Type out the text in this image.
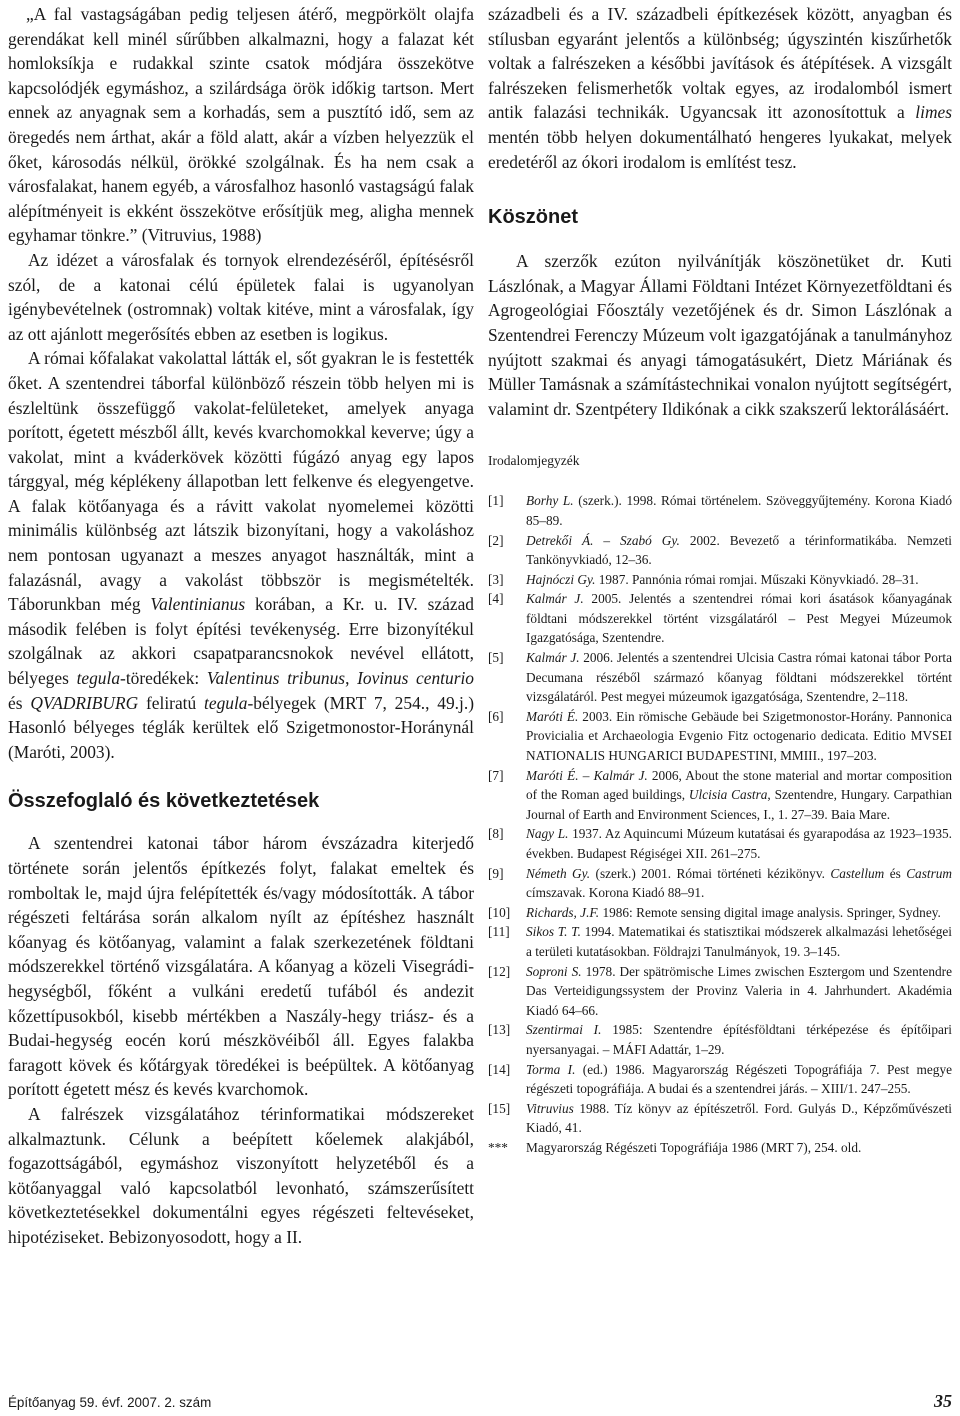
„A fal vastagságában pedig teljesen átérő, megpörkölt olajfa gerendákat kell minél sűrűbben alkalmazni, hogy a falazat két homloksíkja e rudakkal szinte csatok módjára összekötve kapcsolódjék egymáshoz, a szilárdsága örök időkig tartson. Mert ennek az anyagnak sem a korhadás, sem a pusztító idő, sem az öregedés nem árthat, akár a föld alatt, akár a vízben helyezzük el őket, károsodás nélkül, örökké szolgálnak. És ha nem csak a városfalakat, hanem egyéb, a városfalhoz hasonló vastagságú falak alépítményeit is ekként összekötve erősítjük meg, aligha mennek egyhamar tönkre.” (Vitruvius, 1988)

Az idézet a városfalak és tornyok elrendezéséről, építésésről szól, de a katonai célú épületek falai is ugyanolyan igénybevételnek (ostromnak) voltak kitéve, mint a városfalak, így az ott ajánlott megerősítés ebben az esetben is logikus.

A római kőfalakat vakolattal látták el, sőt gyakran le is festették őket. A szentendrei táborfal különböző részein több helyen mi is észleltünk összefüggő vakolat-felületeket, amelyek anyaga porított, égetett mészből állt, kevés kvarchomokkal keverve; úgy a vakolat, mint a kváderkövek közötti fúgázó anyag egy lapos tárggyal, még képlékeny állapotban lett felkenve és elegyengetve. A falak kötőanyaga és a rávitt vakolat nyomelemei közötti minimális különbség azt látszik bizonyítani, hogy a vakoláshoz nem pontosan ugyanazt a meszes anyagot használták, mint a falazásnál, avagy a vakolást többször is megismételték. Táborunkban még Valentinianus korában, a Kr. u. IV. század második felében is folyt építési tevékenység. Erre bizonyítékul szolgálnak az akkori csapatparancsnokok nevével ellátott, bélyeges tegula-töredékek: Valentinus tribunus, Iovinus centurio és QVADRIBURG feliratú tegula-bélyegek (MRT 7, 254., 49.j.) Hasonló bélyeges téglák kerültek elő Szigetmonostor-Horánynál (Maróti, 2003).

Összefoglaló és következtetések

A szentendrei katonai tábor három évszázadra kiterjedő története során jelentős építkezés folyt, falakat emeltek és romboltak le, majd újra felépítették és/vagy módosították. A tábor régészeti feltárása során alkalom nyílt az építéshez használt kőanyag és kötőanyag, valamint a falak szerkezetének földtani módszerekkel történő vizsgálatára. A kőanyag a közeli Visegrádi-hegységből, főként a vulkáni eredetű tufából és andezit kőzettípusokból, kisebb mértékben a Naszály-hegy triász- és a Budai-hegység eocén korú mészkövéiből áll. Egyes falakba faragott kövek és kőtárgyak töredékei is beépültek. A kötőanyag porított égetett mész és kevés kvarchomok.

A falrészek vizsgálatához térinformatikai módszereket alkalmaztunk. Célunk a beépített kőelemek alakjából, fogazottságából, egymáshoz viszonyított helyzetéből és a kötőanyaggal való kapcsolatból levonható, számszerűsített következtetésekkel dokumentálni egyes régészeti feltevéseket, hipotéziseket. Bebizonyosodott, hogy a II.

századbeli és a IV. századbeli építkezések között, anyagban és stílusban egyaránt jelentős a különbség; úgyszintén kiszűrhetők voltak a falrészeken a későbbi javítások és átépítések. A vizsgált falrészeken felismerhetők voltak egyes, az irodalomból ismert antik falazási technikák. Ugyancsak itt azonosítottuk a limes mentén több helyen dokumentálható hengeres lyukakat, melyek eredetéről az ókori irodalom is említést tesz.

Köszönet

A szerzők ezúton nyilvánítják köszönetüket dr. Kuti Lászlónak, a Magyar Állami Földtani Intézet Környezetföldtani és Agrogeológiai Főosztály vezetőjének és dr. Simon Lászlónak a Szentendrei Ferenczy Múzeum volt igazgatójának a tanulmányhoz nyújtott szakmai és anyagi támogatásukért, Dietz Máriának és Müller Tamásnak a számítástechnikai vonalon nyújtott segítségért, valamint dr. Szentpétery Ildikónak a cikk szakszerű lektorálásáért.

Irodalomjegyzék

[1]	Borhy L. (szerk.). 1998. Római történelem. Szöveggyűjtemény. Korona Kiadó 85–89.
[2]	Detrekői Á. – Szabó Gy. 2002. Bevezető a térinformatikába. Nemzeti Tankönyvkiadó, 12–36.
[3]	Hajnóczi Gy. 1987. Pannónia római romjai. Műszaki Könyvkiadó. 28–31.
[4]	Kalmár J. 2005. Jelentés a szentendrei római kori ásatások kőanyagának földtani módszerekkel történt vizsgálatáról – Pest Megyei Múzeumok Igazgatósága, Szentendre.
[5]	Kalmár J. 2006. Jelentés a szentendrei Ulcisia Castra római katonai tábor Porta Decumana részéből származó kőanyag földtani módszerekkel történt vizsgálatáról. Pest megyei múzeumok igazgatósága, Szentendre, 2–118.
[6]	Maróti É. 2003. Ein römische Gebäude bei Szigetmonostor-Horány. Pannonica Provicialia et Archaeologia Evgenio Fitz octogenario dedicata. Editio MVSEI NATIONALIS HUNGARICI BUDAPESTINI, MMIII., 197–203.
[7]	Maróti É. – Kalmár J. 2006, About the stone material and mortar composition of the Roman aged buildings, Ulcisia Castra, Szentendre, Hungary. Carpathian Journal of Earth and Environment Sciences, I., 1. 27–39. Baia Mare.
[8]	Nagy L. 1937. Az Aquincumi Múzeum kutatásai és gyarapodása az 1923–1935. években. Budapest Régiségei XII. 261–275.
[9]	Németh Gy. (szerk.) 2001. Római történeti kézikönyv. Castellum és Castrum címszavak. Korona Kiadó 88–91.
[10]	Richards, J.F. 1986: Remote sensing digital image analysis. Springer, Sydney.
[11]	Sikos T. T. 1994. Matematikai és statisztikai módszerek alkalmazási lehetőségei a területi kutatásokban. Földrajzi Tanulmányok, 19. 3–145.
[12]	Soproni S. 1978. Der spätrömische Limes zwischen Esztergom und Szentendre Das Verteidigungssystem der Provinz Valeria in 4. Jahrhundert. Akadémia Kiadó 64–66.
[13]	Szentirmai I. 1985: Szentendre építésföldtani térképezése és építőipari nyersanyagai. – MÁFI Adattár, 1–29.
[14]	Torma I. (ed.) 1986. Magyarország Régészeti Topográfiája 7. Pest megye régészeti topográfiája. A budai és a szentendrei járás. – XIII/1. 247–255.
[15]	Vitruvius 1988. Tíz könyv az építészetről. Ford. Gulyás D., Képzőművészeti Kiadó, 41.
***	Magyarország Régészeti Topográfiája 1986 (MRT 7), 254. old.
Építőanyag 59. évf. 2007. 2. szám	35
